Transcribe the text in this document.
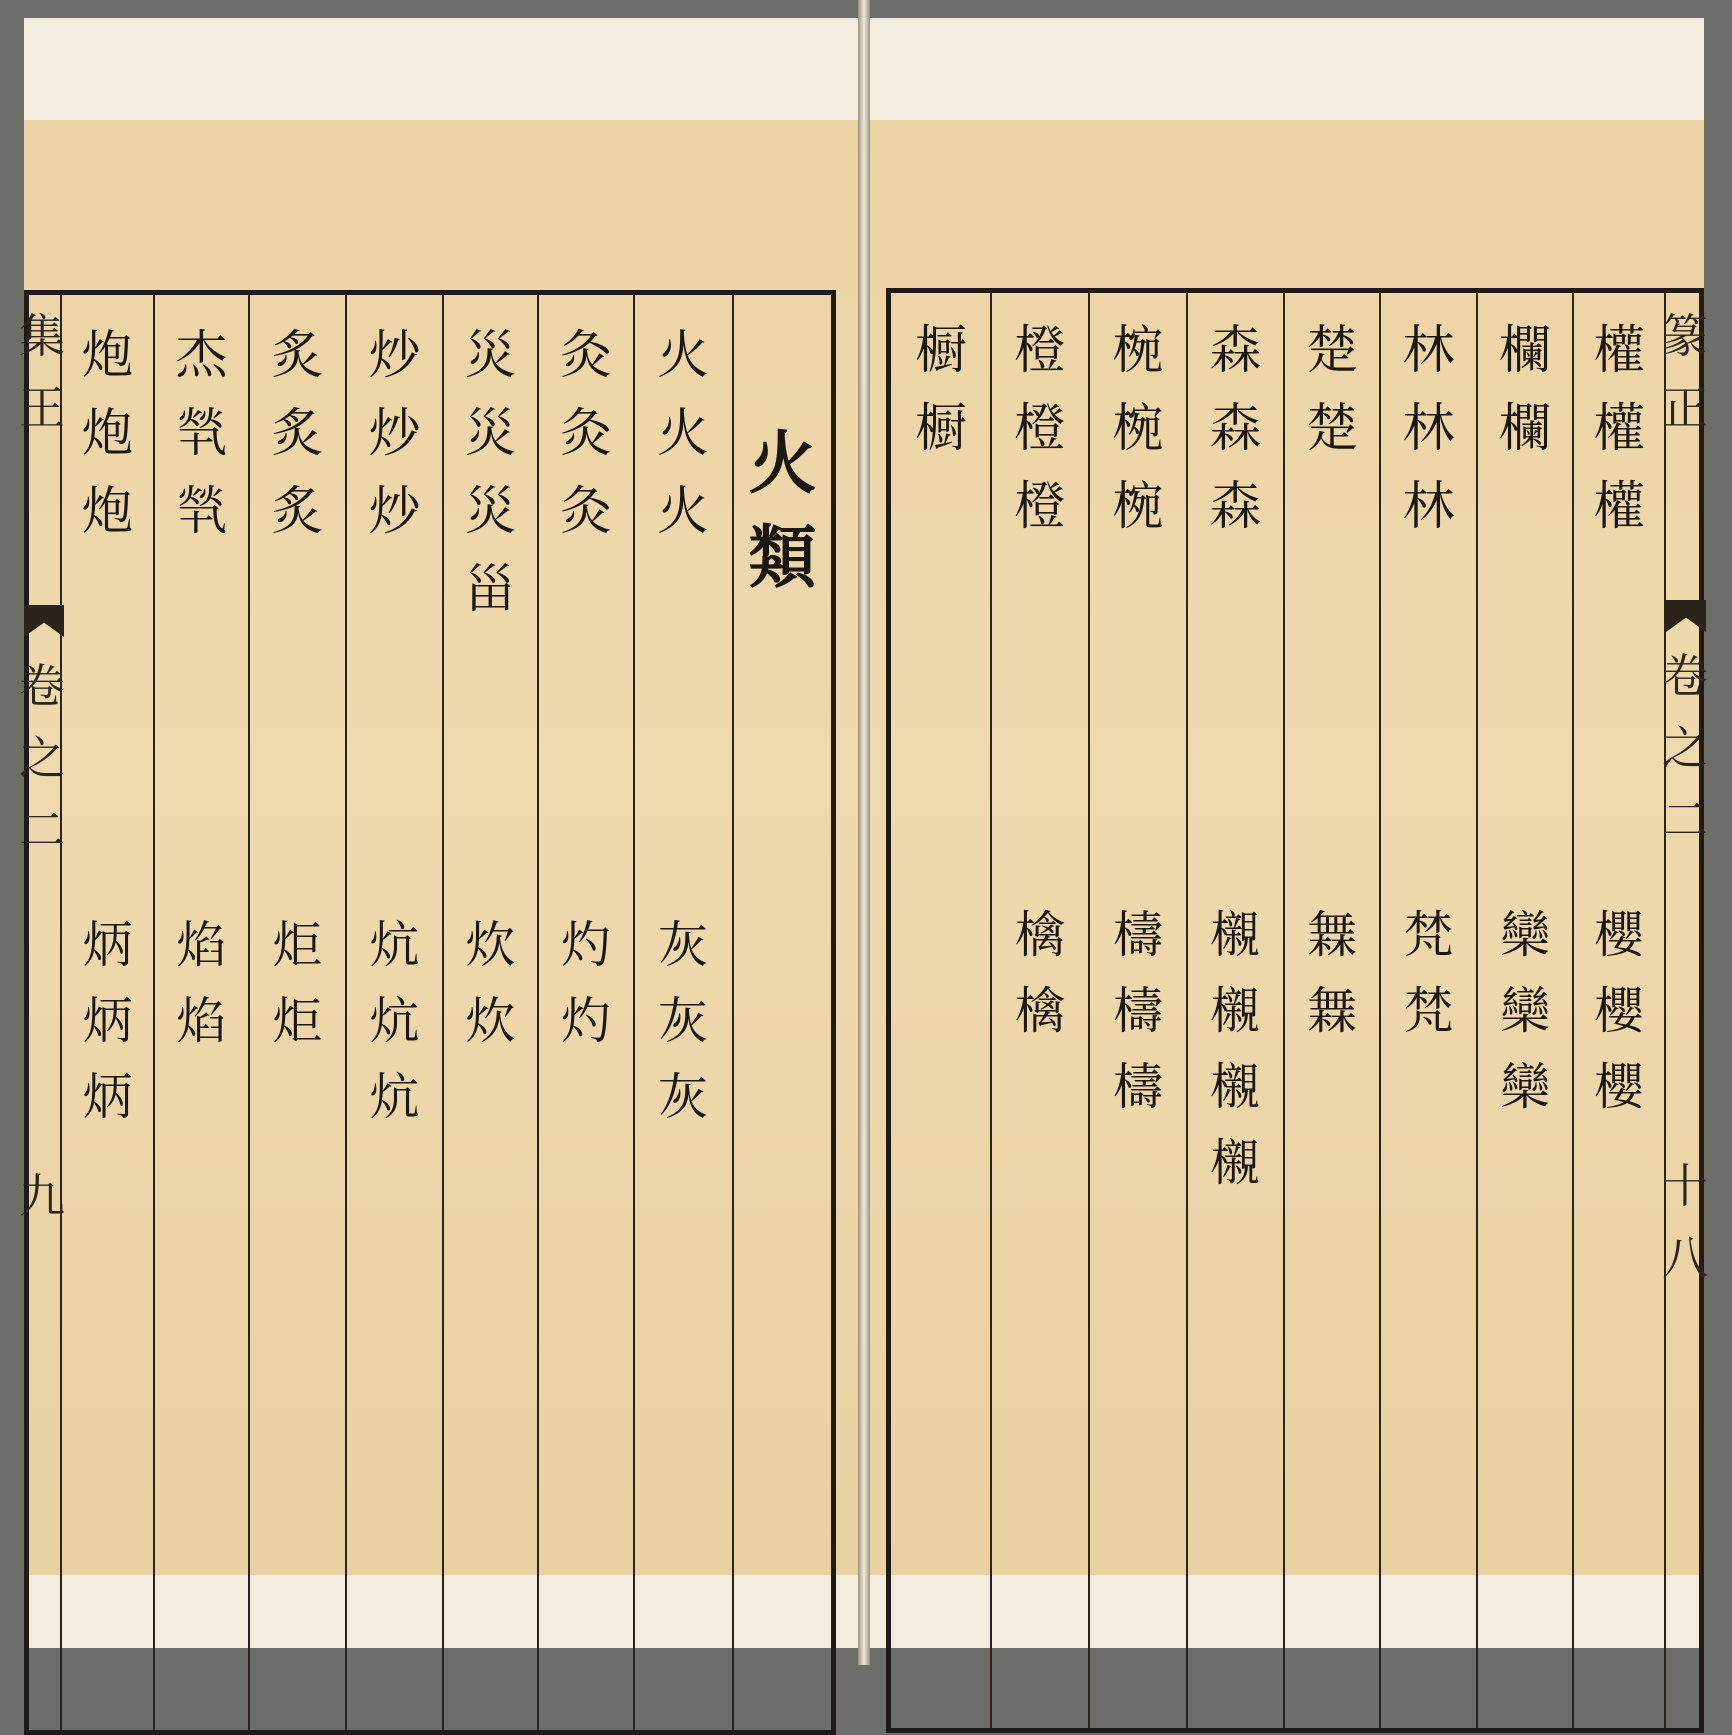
集
王
卷
之
二
九
火
類
火
火
火
灰
灰
灰
灸
灸
灸
灼
灼
災
災
災
甾
炊
炊
炒
炒
炒
炕
炕
炕
炙
炙
炙
炬
炬
杰
㷀
㷀
焰
焰
炮
炮
炮
炳
炳
炳
篆
正
卷
之
二
十
八
權
權
權
櫻
櫻
櫻
欄
欄
欒
欒
欒
林
林
林
梵
梵
楚
楚
橆
橆
森
森
森
櫬
櫬
櫬
櫬
椀
椀
椀
檮
檮
檮
橙
橙
橙
檎
檎
橱
橱
